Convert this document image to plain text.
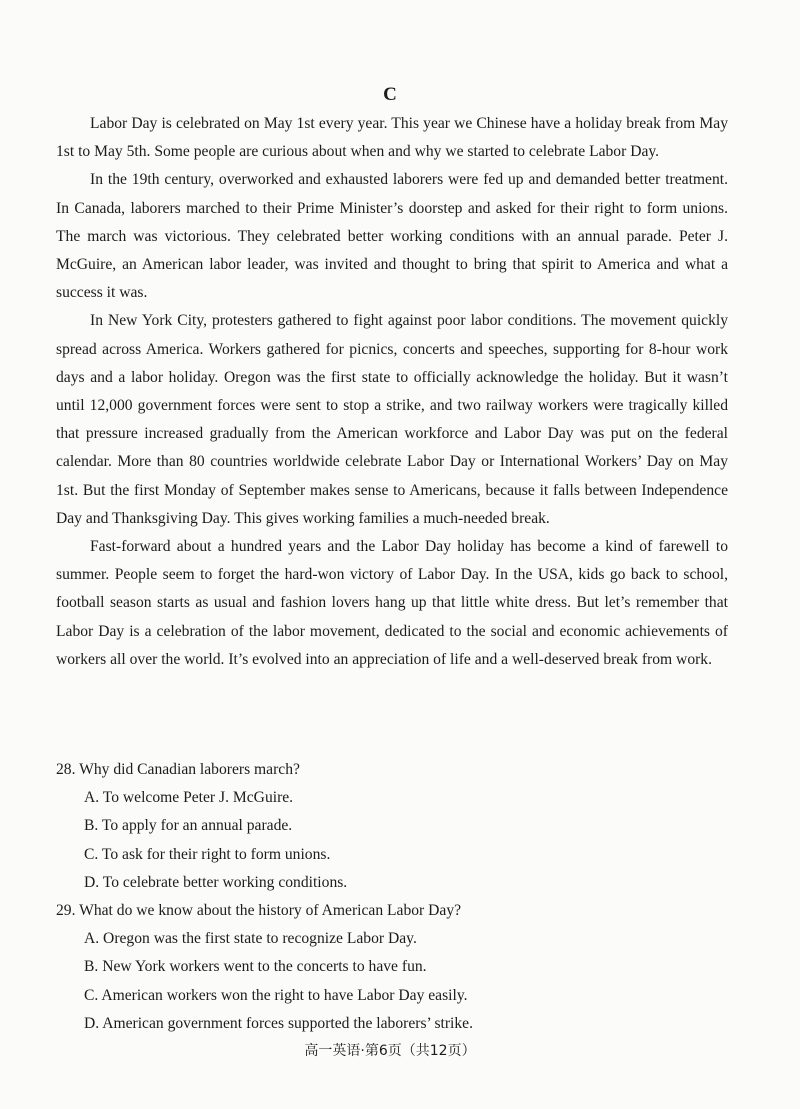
C

Labor Day is celebrated on May 1st every year. This year we Chinese have a holiday break from May 1st to May 5th. Some people are curious about when and why we started to celebrate Labor Day.

In the 19th century, overworked and exhausted laborers were fed up and demanded better treatment. In Canada, laborers marched to their Prime Minister’s doorstep and asked for their right to form unions. The march was victorious. They celebrated better working conditions with an annual parade. Peter J. McGuire, an American labor leader, was invited and thought to bring that spirit to America and what a success it was.

In New York City, protesters gathered to fight against poor labor conditions. The movement quickly spread across America. Workers gathered for picnics, concerts and speeches, supporting for 8-hour work days and a labor holiday. Oregon was the first state to officially acknowledge the holiday. But it wasn’t until 12,000 government forces were sent to stop a strike, and two railway workers were tragically killed that pressure increased gradually from the American workforce and Labor Day was put on the federal calendar. More than 80 countries worldwide celebrate Labor Day or International Workers’ Day on May 1st. But the first Monday of September makes sense to Americans, because it falls between Independence Day and Thanksgiving Day. This gives working families a much-needed break.

Fast-forward about a hundred years and the Labor Day holiday has become a kind of farewell to summer. People seem to forget the hard-won victory of Labor Day. In the USA, kids go back to school, football season starts as usual and fashion lovers hang up that little white dress. But let’s remember that Labor Day is a celebration of the labor movement, dedicated to the social and economic achievements of workers all over the world. It’s evolved into an appreciation of life and a well-deserved break from work.

28. Why did Canadian laborers march?

A. To welcome Peter J. McGuire.
B. To apply for an annual parade.
C. To ask for their right to form unions.
D. To celebrate better working conditions.

29. What do we know about the history of American Labor Day?

A. Oregon was the first state to recognize Labor Day.
B. New York workers went to the concerts to have fun.
C. American workers won the right to have Labor Day easily.
D. American government forces supported the laborers’ strike.
高一英语·第6页（共12页）
